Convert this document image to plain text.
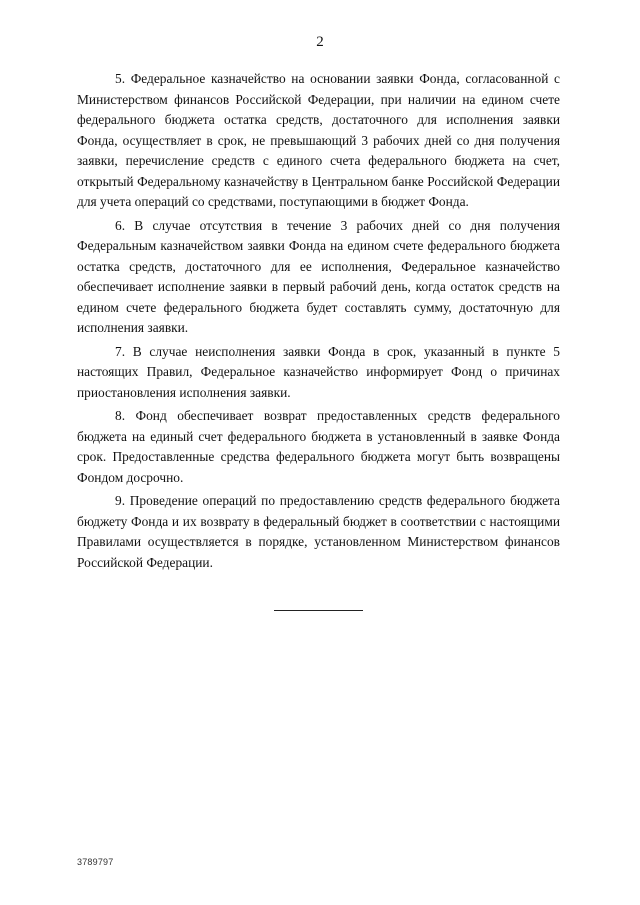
2

5. Федеральное казначейство на основании заявки Фонда, согласованной с Министерством финансов Российской Федерации, при наличии на едином счете федерального бюджета остатка средств, достаточного для исполнения заявки Фонда, осуществляет в срок, не превышающий 3 рабочих дней со дня получения заявки, перечисление средств с единого счета федерального бюджета на счет, открытый Федеральному казначейству в Центральном банке Российской Федерации для учета операций со средствами, поступающими в бюджет Фонда.

6. В случае отсутствия в течение 3 рабочих дней со дня получения Федеральным казначейством заявки Фонда на едином счете федерального бюджета остатка средств, достаточного для ее исполнения, Федеральное казначейство обеспечивает исполнение заявки в первый рабочий день, когда остаток средств на едином счете федерального бюджета будет составлять сумму, достаточную для исполнения заявки.

7. В случае неисполнения заявки Фонда в срок, указанный в пункте 5 настоящих Правил, Федеральное казначейство информирует Фонд о причинах приостановления исполнения заявки.

8. Фонд обеспечивает возврат предоставленных средств федерального бюджета на единый счет федерального бюджета в установленный в заявке Фонда срок. Предоставленные средства федерального бюджета могут быть возвращены Фондом досрочно.

9. Проведение операций по предоставлению средств федерального бюджета бюджету Фонда и их возврату в федеральный бюджет в соответствии с настоящими Правилами осуществляется в порядке, установленном Министерством финансов Российской Федерации.

3789797
